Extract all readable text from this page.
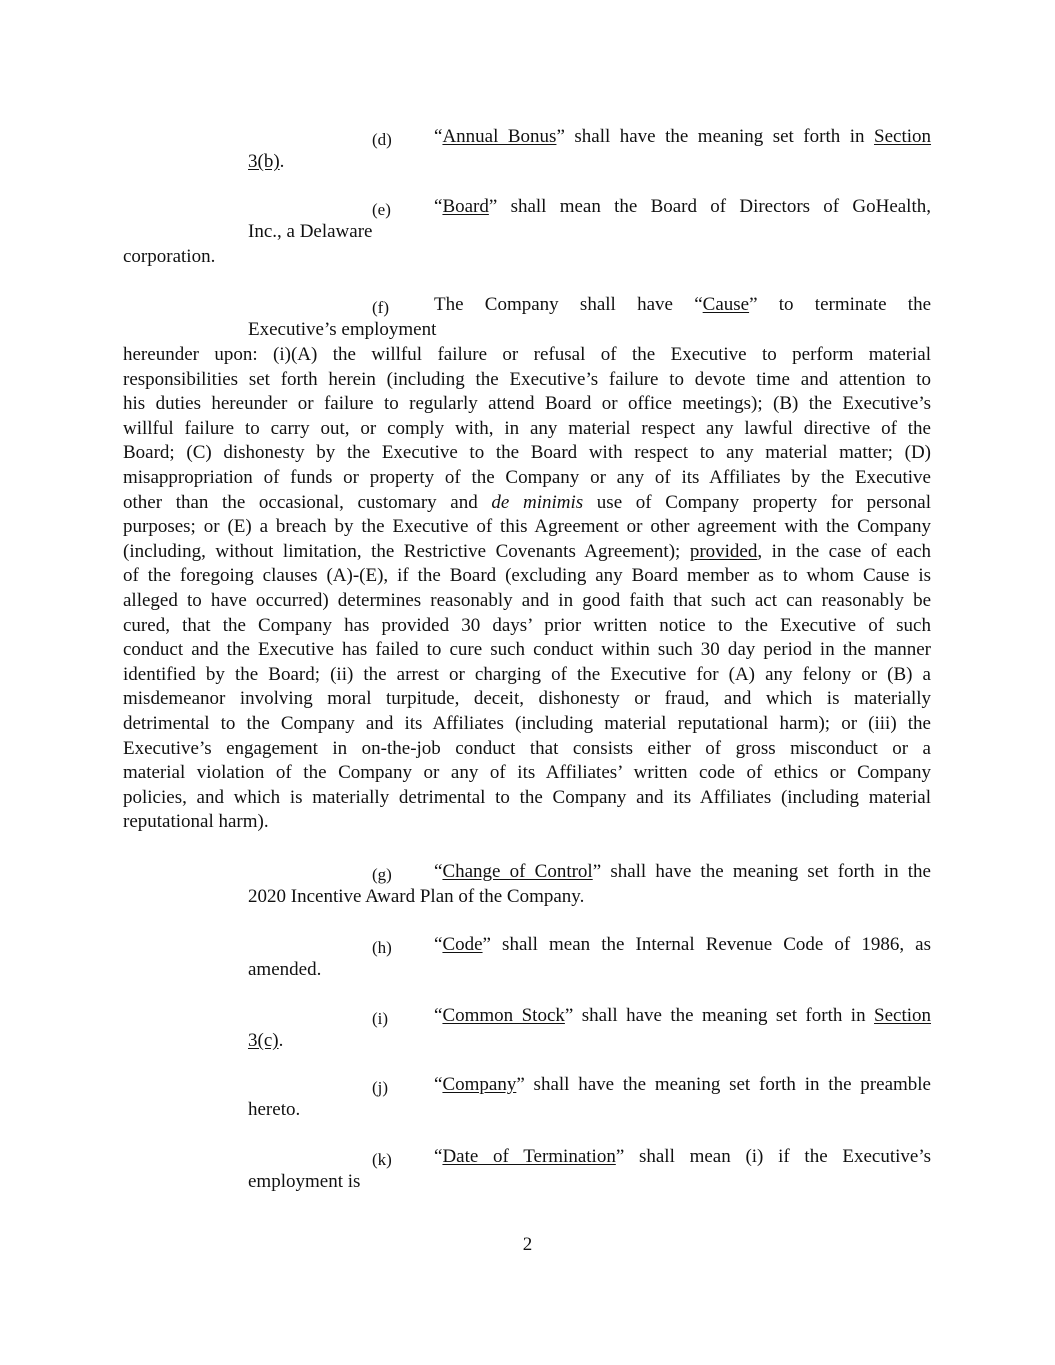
(d) “Annual Bonus” shall have the meaning set forth in Section
3(b).
(e) “Board” shall mean the Board of Directors of GoHealth,
Inc., a Delaware
corporation.
(f) The Company shall have “Cause” to terminate the
Executive’s employment
hereunder upon: (i)(A) the willful failure or refusal of the Executive to perform material
responsibilities set forth herein (including the Executive’s failure to devote time and attention to
his duties hereunder or failure to regularly attend Board or office meetings); (B) the Executive’s
willful failure to carry out, or comply with, in any material respect any lawful directive of the
Board; (C) dishonesty by the Executive to the Board with respect to any material matter; (D)
misappropriation of funds or property of the Company or any of its Affiliates by the Executive
other than the occasional, customary and de minimis use of Company property for personal
purposes; or (E) a breach by the Executive of this Agreement or other agreement with the Company
(including, without limitation, the Restrictive Covenants Agreement); provided, in the case of each
of the foregoing clauses (A)-(E), if the Board (excluding any Board member as to whom Cause is
alleged to have occurred) determines reasonably and in good faith that such act can reasonably be
cured, that the Company has provided 30 days’ prior written notice to the Executive of such
conduct and the Executive has failed to cure such conduct within such 30 day period in the manner
identified by the Board; (ii) the arrest or charging of the Executive for (A) any felony or (B) a
misdemeanor involving moral turpitude, deceit, dishonesty or fraud, and which is materially
detrimental to the Company and its Affiliates (including material reputational harm); or (iii) the
Executive’s engagement in on-the-job conduct that consists either of gross misconduct or a
material violation of the Company or any of its Affiliates’ written code of ethics or Company
policies, and which is materially detrimental to the Company and its Affiliates (including material
reputational harm).
(g) “Change of Control” shall have the meaning set forth in the
2020 Incentive Award Plan of the Company.
(h) “Code” shall mean the Internal Revenue Code of 1986, as
amended.
(i) “Common Stock” shall have the meaning set forth in Section
3(c).
(j) “Company” shall have the meaning set forth in the preamble
hereto.
(k) “Date of Termination” shall mean (i) if the Executive’s
employment is
2
